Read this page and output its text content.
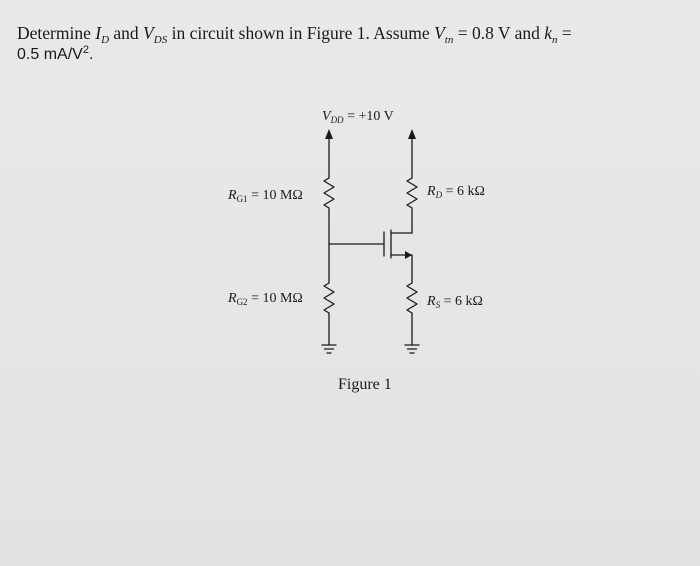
Determine $I_D$ and $V_{DS}$ in circuit shown in Figure 1. Assume $V_{tn} = 0.8$ V and $k_n$ =
0.5 $mA/V^2$.
$V_{DD} = +10$ V
$R_{G1} = 10$ MΩ
$R_{G2} = 10$ MΩ
$R_D = 6$ kΩ
$R_S = 6$ kΩ
Figure 1
